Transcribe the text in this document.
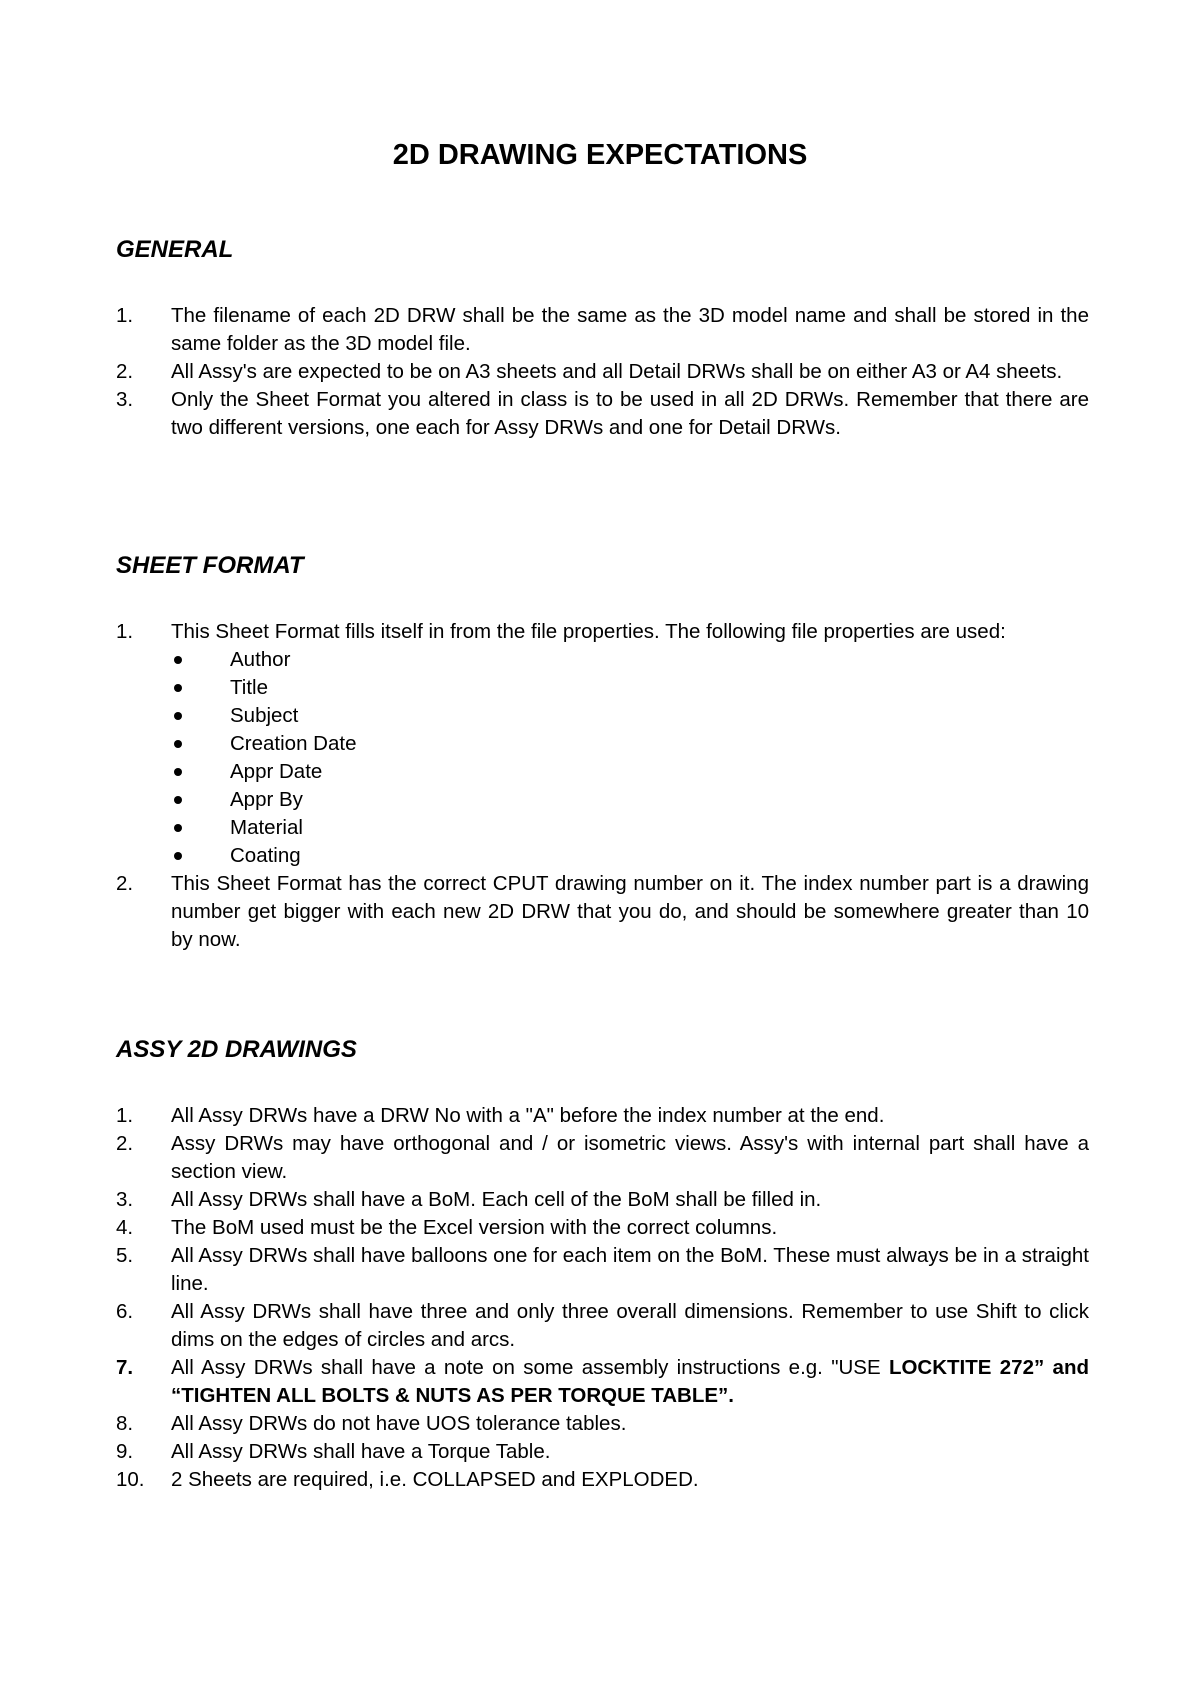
2D DRAWING EXPECTATIONS
GENERAL
1. The filename of each 2D DRW shall be the same as the 3D model name and shall be stored in the same folder as the 3D model file.
2. All Assy's are expected to be on A3 sheets and all Detail DRWs shall be on either A3 or A4 sheets.
3. Only the Sheet Format you altered in class is to be used in all 2D DRWs. Remember that there are two different versions, one each for Assy DRWs and one for Detail DRWs.
SHEET FORMAT
1. This Sheet Format fills itself in from the file properties. The following file properties are used:
Author
Title
Subject
Creation Date
Appr Date
Appr By
Material
Coating
2. This Sheet Format has the correct CPUT drawing number on it. The index number part is a drawing number get bigger with each new 2D DRW that you do, and should be somewhere greater than 10 by now.
ASSY 2D DRAWINGS
1. All Assy DRWs have a DRW No with a "A" before the index number at the end.
2. Assy DRWs may have orthogonal and / or isometric views. Assy's with internal part shall have a section view.
3. All Assy DRWs shall have a BoM. Each cell of the BoM shall be filled in.
4. The BoM used must be the Excel version with the correct columns.
5. All Assy DRWs shall have balloons one for each item on the BoM. These must always be in a straight line.
6. All Assy DRWs shall have three and only three overall dimensions. Remember to use Shift to click dims on the edges of circles and arcs.
7. All Assy DRWs shall have a note on some assembly instructions e.g. "USE LOCKTITE 272” and “TIGHTEN ALL BOLTS & NUTS AS PER TORQUE TABLE”.
8. All Assy DRWs do not have UOS tolerance tables.
9. All Assy DRWs shall have a Torque Table.
10. 2 Sheets are required, i.e. COLLAPSED and EXPLODED.
